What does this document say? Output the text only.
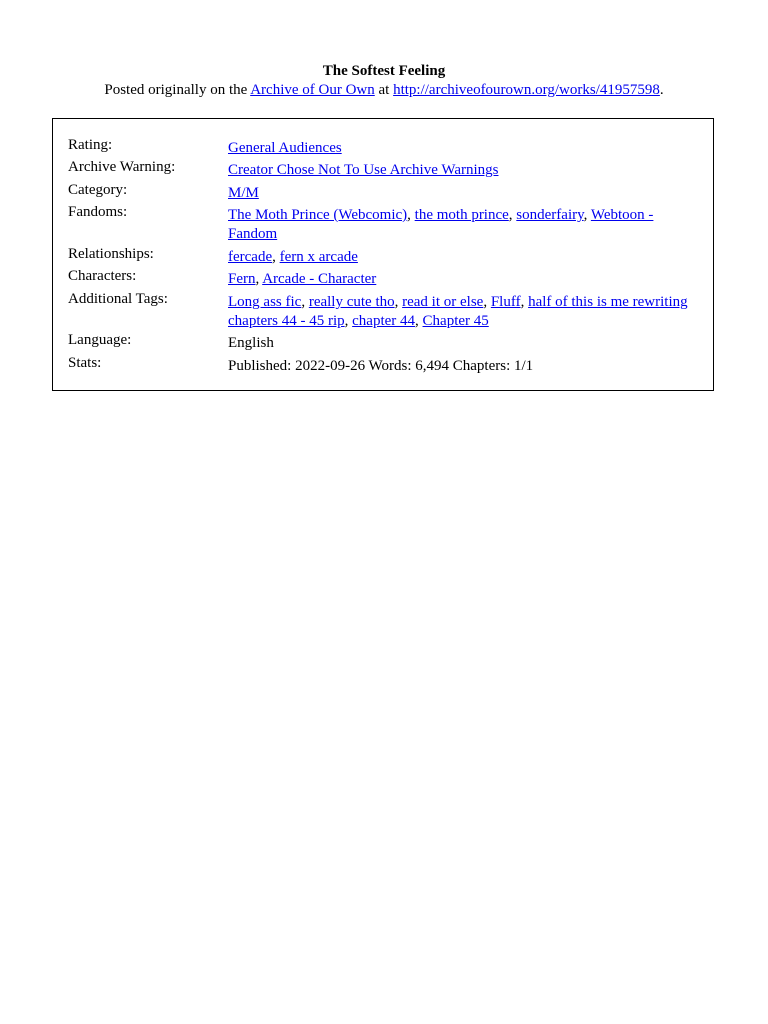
The Softest Feeling
Posted originally on the Archive of Our Own at http://archiveofourown.org/works/41957598.
Rating:	General Audiences
Archive Warning:	Creator Chose Not To Use Archive Warnings
Category:	M/M
Fandoms:	The Moth Prince (Webcomic), the moth prince, sonderfairy, Webtoon - Fandom
Relationships:	fercade, fern x arcade
Characters:	Fern, Arcade - Character
Additional Tags:	Long ass fic, really cute tho, read it or else, Fluff, half of this is me rewriting chapters 44 - 45 rip, chapter 44, Chapter 45
Language:	English
Stats:	Published: 2022-09-26 Words: 6,494 Chapters: 1/1
